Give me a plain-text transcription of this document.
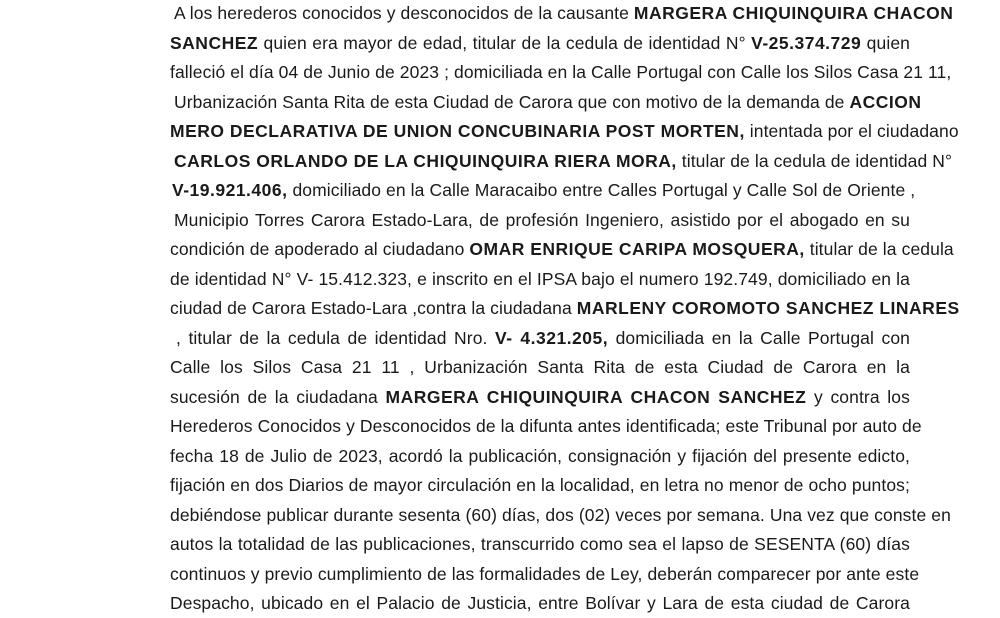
A los herederos conocidos y desconocidos de la causante MARGERA CHIQUINQUIRA CHACON
SANCHEZ quien era mayor de edad, titular de la cedula de identidad N° V-25.374.729 quien
falleció el día 04 de Junio de 2023 ; domiciliada en la Calle Portugal con Calle los Silos Casa 21 11,
Urbanización Santa Rita de esta Ciudad de Carora que con motivo de la demanda de ACCION
MERO DECLARATIVA DE UNION CONCUBINARIA POST MORTEN, intentada por el ciudadano
CARLOS ORLANDO DE LA CHIQUINQUIRA RIERA MORA, titular de la cedula de identidad N°
V-19.921.406, domiciliado en la Calle Maracaibo entre Calles Portugal y Calle Sol de Oriente ,
Municipio Torres Carora Estado-Lara, de profesión Ingeniero, asistido por el abogado en su
condición de apoderado al ciudadano OMAR ENRIQUE CARIPA MOSQUERA, titular de la cedula
de identidad N° V- 15.412.323, e inscrito en el IPSA bajo el numero 192.749, domiciliado en la
ciudad de Carora Estado-Lara ,contra la ciudadana MARLENY COROMOTO SANCHEZ LINARES
, titular de la cedula de identidad Nro. V- 4.321.205, domiciliada en la Calle Portugal con
Calle los Silos Casa 21 11 , Urbanización Santa Rita de esta Ciudad de Carora en la
sucesión de la ciudadana MARGERA CHIQUINQUIRA CHACON SANCHEZ y contra los
Herederos Conocidos y Desconocidos de la difunta antes identificada; este Tribunal por auto de
fecha 18 de Julio de 2023, acordó la publicación, consignación y fijación del presente edicto,
fijación en dos Diarios de mayor circulación en la localidad, en letra no menor de ocho puntos;
debiéndose publicar durante sesenta (60) días, dos (02) veces por semana. Una vez que conste en
autos la totalidad de las publicaciones, transcurrido como sea el lapso de SESENTA (60) días
continuos y previo cumplimiento de las formalidades de Ley, deberán comparecer por ante este
Despacho, ubicado en el Palacio de Justicia, entre Bolívar y Lara de esta ciudad de Carora
